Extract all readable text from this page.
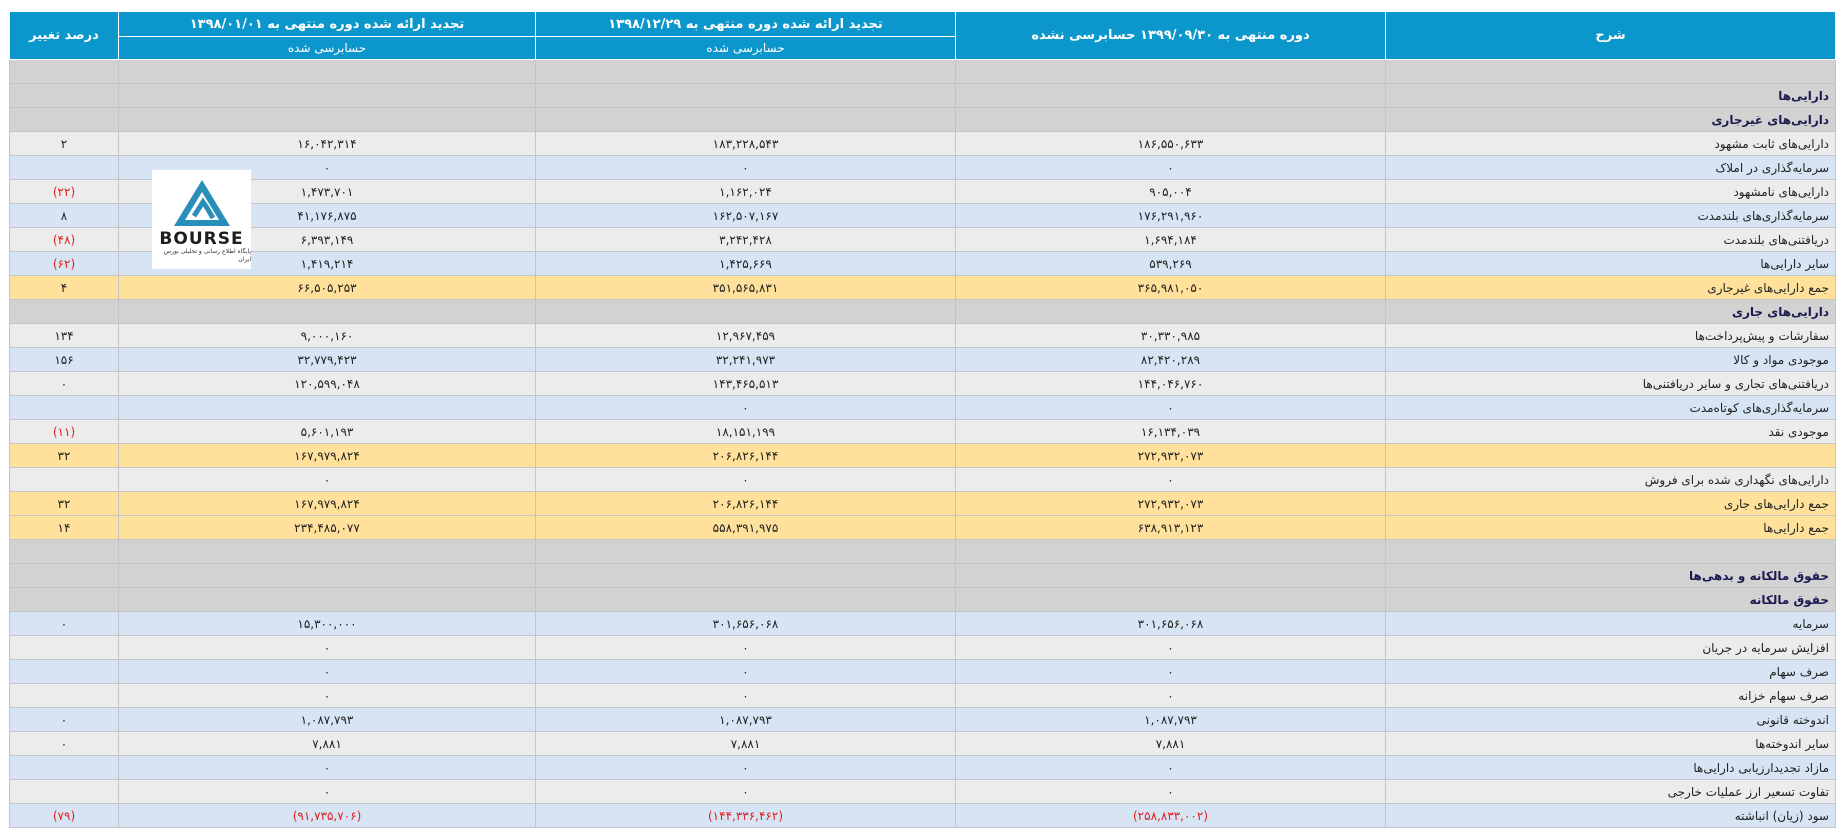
شرح	دوره منتهی به ۱۳۹۹/۰۹/۳۰ حسابرسی نشده	تجدید ارائه شده دوره منتهی به ۱۳۹۸/۱۲/۲۹	تجدید ارائه شده دوره منتهی به ۱۳۹۸/۰۱/۰۱	درصد تغییر
		حسابرسی شده	حسابرسی شده	

دارایی‌ها				
دارایی‌های غیرجاری				
دارایی‌های ثابت مشهود	۱۸۶,۵۵۰,۶۳۳	۱۸۳,۲۲۸,۵۴۳	۱۶,۰۴۲,۳۱۴	۲
سرمایه‌گذاری در املاک	۰	۰	۰	
دارایی‌های نامشهود	۹۰۵,۰۰۴	۱,۱۶۲,۰۲۴	۱,۴۷۳,۷۰۱	(۲۲)
سرمایه‌گذاری‌های بلندمدت	۱۷۶,۲۹۱,۹۶۰	۱۶۲,۵۰۷,۱۶۷	۴۱,۱۷۶,۸۷۵	۸
دریافتنی‌های بلندمدت	۱,۶۹۴,۱۸۴	۳,۲۴۲,۴۲۸	۶,۳۹۳,۱۴۹	(۴۸)
سایر دارایی‌ها	۵۳۹,۲۶۹	۱,۴۲۵,۶۶۹	۱,۴۱۹,۲۱۴	(۶۲)
جمع دارایی‌های غیرجاری	۳۶۵,۹۸۱,۰۵۰	۳۵۱,۵۶۵,۸۳۱	۶۶,۵۰۵,۲۵۳	۴
دارایی‌های جاری				
سفارشات و پیش‌پرداخت‌ها	۳۰,۳۳۰,۹۸۵	۱۲,۹۶۷,۴۵۹	۹,۰۰۰,۱۶۰	۱۳۴
موجودی مواد و کالا	۸۲,۴۲۰,۲۸۹	۳۲,۲۴۱,۹۷۳	۳۲,۷۷۹,۴۲۳	۱۵۶
دریافتنی‌های تجاری و سایر دریافتنی‌ها	۱۴۴,۰۴۶,۷۶۰	۱۴۳,۴۶۵,۵۱۳	۱۲۰,۵۹۹,۰۴۸	۰
سرمایه‌گذاری‌های کوتاه‌مدت	۰	۰		
موجودی نقد	۱۶,۱۳۴,۰۳۹	۱۸,۱۵۱,۱۹۹	۵,۶۰۱,۱۹۳	(۱۱)
	۲۷۲,۹۳۲,۰۷۳	۲۰۶,۸۲۶,۱۴۴	۱۶۷,۹۷۹,۸۲۴	۳۲
دارایی‌های نگهداری شده برای فروش	۰	۰	۰	
جمع دارایی‌های جاری	۲۷۲,۹۳۲,۰۷۳	۲۰۶,۸۲۶,۱۴۴	۱۶۷,۹۷۹,۸۲۴	۳۲
جمع دارایی‌ها	۶۳۸,۹۱۳,۱۲۳	۵۵۸,۳۹۱,۹۷۵	۲۳۴,۴۸۵,۰۷۷	۱۴

حقوق مالکانه و بدهی‌ها				
حقوق مالکانه				
سرمایه	۳۰۱,۶۵۶,۰۶۸	۳۰۱,۶۵۶,۰۶۸	۱۵,۳۰۰,۰۰۰	۰
افزایش سرمایه در جریان	۰	۰	۰	
صرف سهام	۰	۰	۰	
صرف سهام خزانه	۰	۰	۰	
اندوخته قانونی	۱,۰۸۷,۷۹۳	۱,۰۸۷,۷۹۳	۱,۰۸۷,۷۹۳	۰
سایر اندوخته‌ها	۷,۸۸۱	۷,۸۸۱	۷,۸۸۱	۰
مازاد تجدیدارزیابی دارایی‌ها	۰	۰	۰	
تفاوت تسعیر ارز عملیات خارجی	۰	۰	۰	
سود (زیان) انباشته	(۲۵۸,۸۳۳,۰۰۲)	(۱۴۴,۳۳۶,۴۶۲)	(۹۱,۷۳۵,۷۰۶)	(۷۹)
BOURSE
پایگاه اطلاع رسانی و تحلیلی بورس ایران
